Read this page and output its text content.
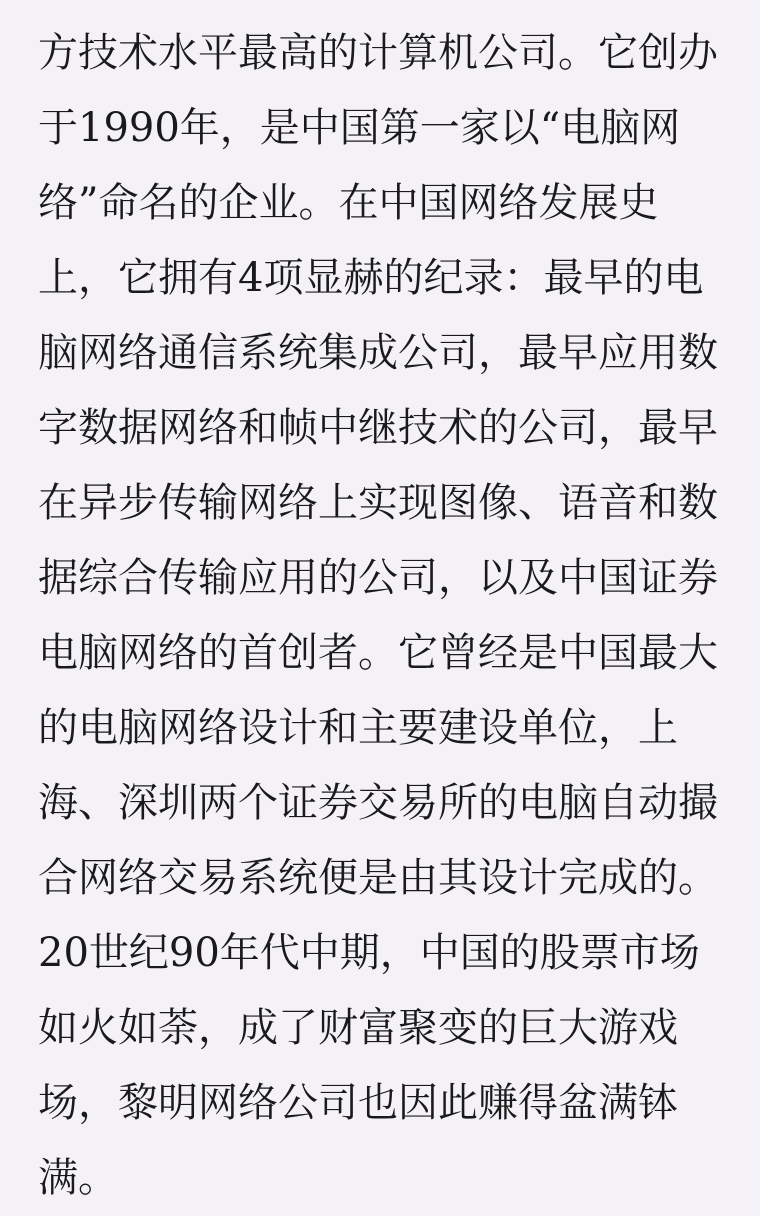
方技术水平最高的计算机公司。它创办于1990年，是中国第一家以“电脑网络”命名的企业。在中国网络发展史上，它拥有4项显赫的纪录：最早的电脑网络通信系统集成公司，最早应用数字数据网络和帧中继技术的公司，最早在异步传输网络上实现图像、语音和数据综合传输应用的公司，以及中国证券电脑网络的首创者。它曾经是中国最大的电脑网络设计和主要建设单位，上海、深圳两个证券交易所的电脑自动撮合网络交易系统便是由其设计完成的。20世纪90年代中期，中国的股票市场如火如荼，成了财富聚变的巨大游戏场，黎明网络公司也因此赚得盆满钵满。
